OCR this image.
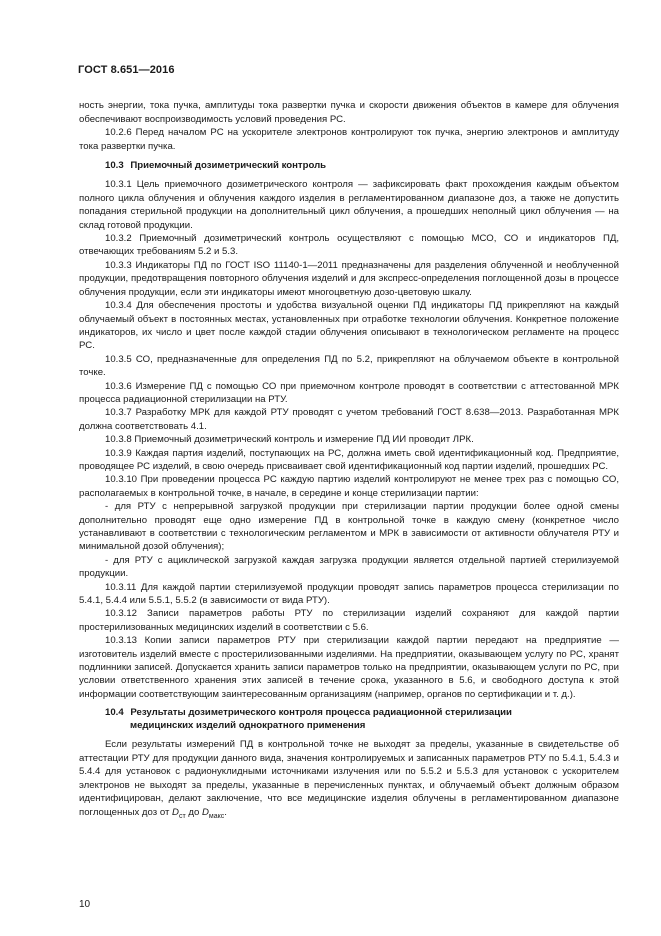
ГОСТ 8.651—2016

ность энергии, тока пучка, амплитуды тока развертки пучка и скорости движения объектов в камере для облучения обеспечивают воспроизводимость условий проведения РС.

10.2.6 Перед началом РС на ускорителе электронов контролируют ток пучка, энергию электронов и амплитуду тока развертки пучка.

10.3 Приемочный дозиметрический контроль

10.3.1 Цель приемочного дозиметрического контроля — зафиксировать факт прохождения каждым объектом полного цикла облучения и облучения каждого изделия в регламентированном диапазоне доз, а также не допустить попадания стерильной продукции на дополнительный цикл облучения, а прошедших неполный цикл облучения — на склад готовой продукции.

10.3.2 Приемочный дозиметрический контроль осуществляют с помощью МСО, СО и индикаторов ПД, отвечающих требованиям 5.2 и 5.3.

10.3.3 Индикаторы ПД по ГОСТ ISO 11140-1—2011 предназначены для разделения облученной и необлученной продукции, предотвращения повторного облучения изделий и для экспресс-определения поглощенной дозы в процессе облучения продукции, если эти индикаторы имеют многоцветную дозо-цветовую шкалу.

10.3.4 Для обеспечения простоты и удобства визуальной оценки ПД индикаторы ПД прикрепляют на каждый облучаемый объект в постоянных местах, установленных при отработке технологии облучения. Конкретное положение индикаторов, их число и цвет после каждой стадии облучения описывают в технологическом регламенте на процесс РС.

10.3.5 СО, предназначенные для определения ПД по 5.2, прикрепляют на облучаемом объекте в контрольной точке.

10.3.6 Измерение ПД с помощью СО при приемочном контроле проводят в соответствии с аттестованной МРК процесса радиационной стерилизации на РТУ.

10.3.7 Разработку МРК для каждой РТУ проводят с учетом требований ГОСТ 8.638—2013. Разработанная МРК должна соответствовать 4.1.

10.3.8 Приемочный дозиметрический контроль и измерение ПД ИИ проводит ЛРК.

10.3.9 Каждая партия изделий, поступающих на РС, должна иметь свой идентификационный код. Предприятие, проводящее РС изделий, в свою очередь присваивает свой идентификационный код партии изделий, прошедших РС.

10.3.10 При проведении процесса РС каждую партию изделий контролируют не менее трех раз с помощью СО, располагаемых в контрольной точке, в начале, в середине и конце стерилизации партии:

- для РТУ с непрерывной загрузкой продукции при стерилизации партии продукции более одной смены дополнительно проводят еще одно измерение ПД в контрольной точке в каждую смену (конкретное число устанавливают в соответствии с технологическим регламентом и МРК в зависимости от активности облучателя РТУ и минимальной дозой облучения);

- для РТУ с ациклической загрузкой каждая загрузка продукции является отдельной партией стерилизуемой продукции.

10.3.11 Для каждой партии стерилизуемой продукции проводят запись параметров процесса стерилизации по 5.4.1, 5.4.4 или 5.5.1, 5.5.2 (в зависимости от вида РТУ).

10.3.12 Записи параметров работы РТУ по стерилизации изделий сохраняют для каждой партии простерилизованных медицинских изделий в соответствии с 5.6.

10.3.13 Копии записи параметров РТУ при стерилизации каждой партии передают на предприятие — изготовитель изделий вместе с простерилизованными изделиями. На предприятии, оказывающем услугу по РС, хранят подлинники записей. Допускается хранить записи параметров только на предприятии, оказывающем услуги по РС, при условии ответственного хранения этих записей в течение срока, указанного в 5.6, и свободного доступа к этой информации соответствующим заинтересованным организациям (например, органов по сертификации и т. д.).

10.4 Результаты дозиметрического контроля процесса радиационной стерилизации
медицинских изделий однократного применения

Если результаты измерений ПД в контрольной точке не выходят за пределы, указанные в свидетельстве об аттестации РТУ для продукции данного вида, значения контролируемых и записанных параметров РТУ по 5.4.1, 5.4.3 и 5.4.4 для установок с радионуклидными источниками излучения или по 5.5.2 и 5.5.3 для установок с ускорителем электронов не выходят за пределы, указанные в перечисленных пунктах, и облучаемый объект должным образом идентифицирован, делают заключение, что все медицинские изделия облучены в регламентированном диапазоне поглощенных доз от $D_{ст}$ до $D_{макс}$.

10
